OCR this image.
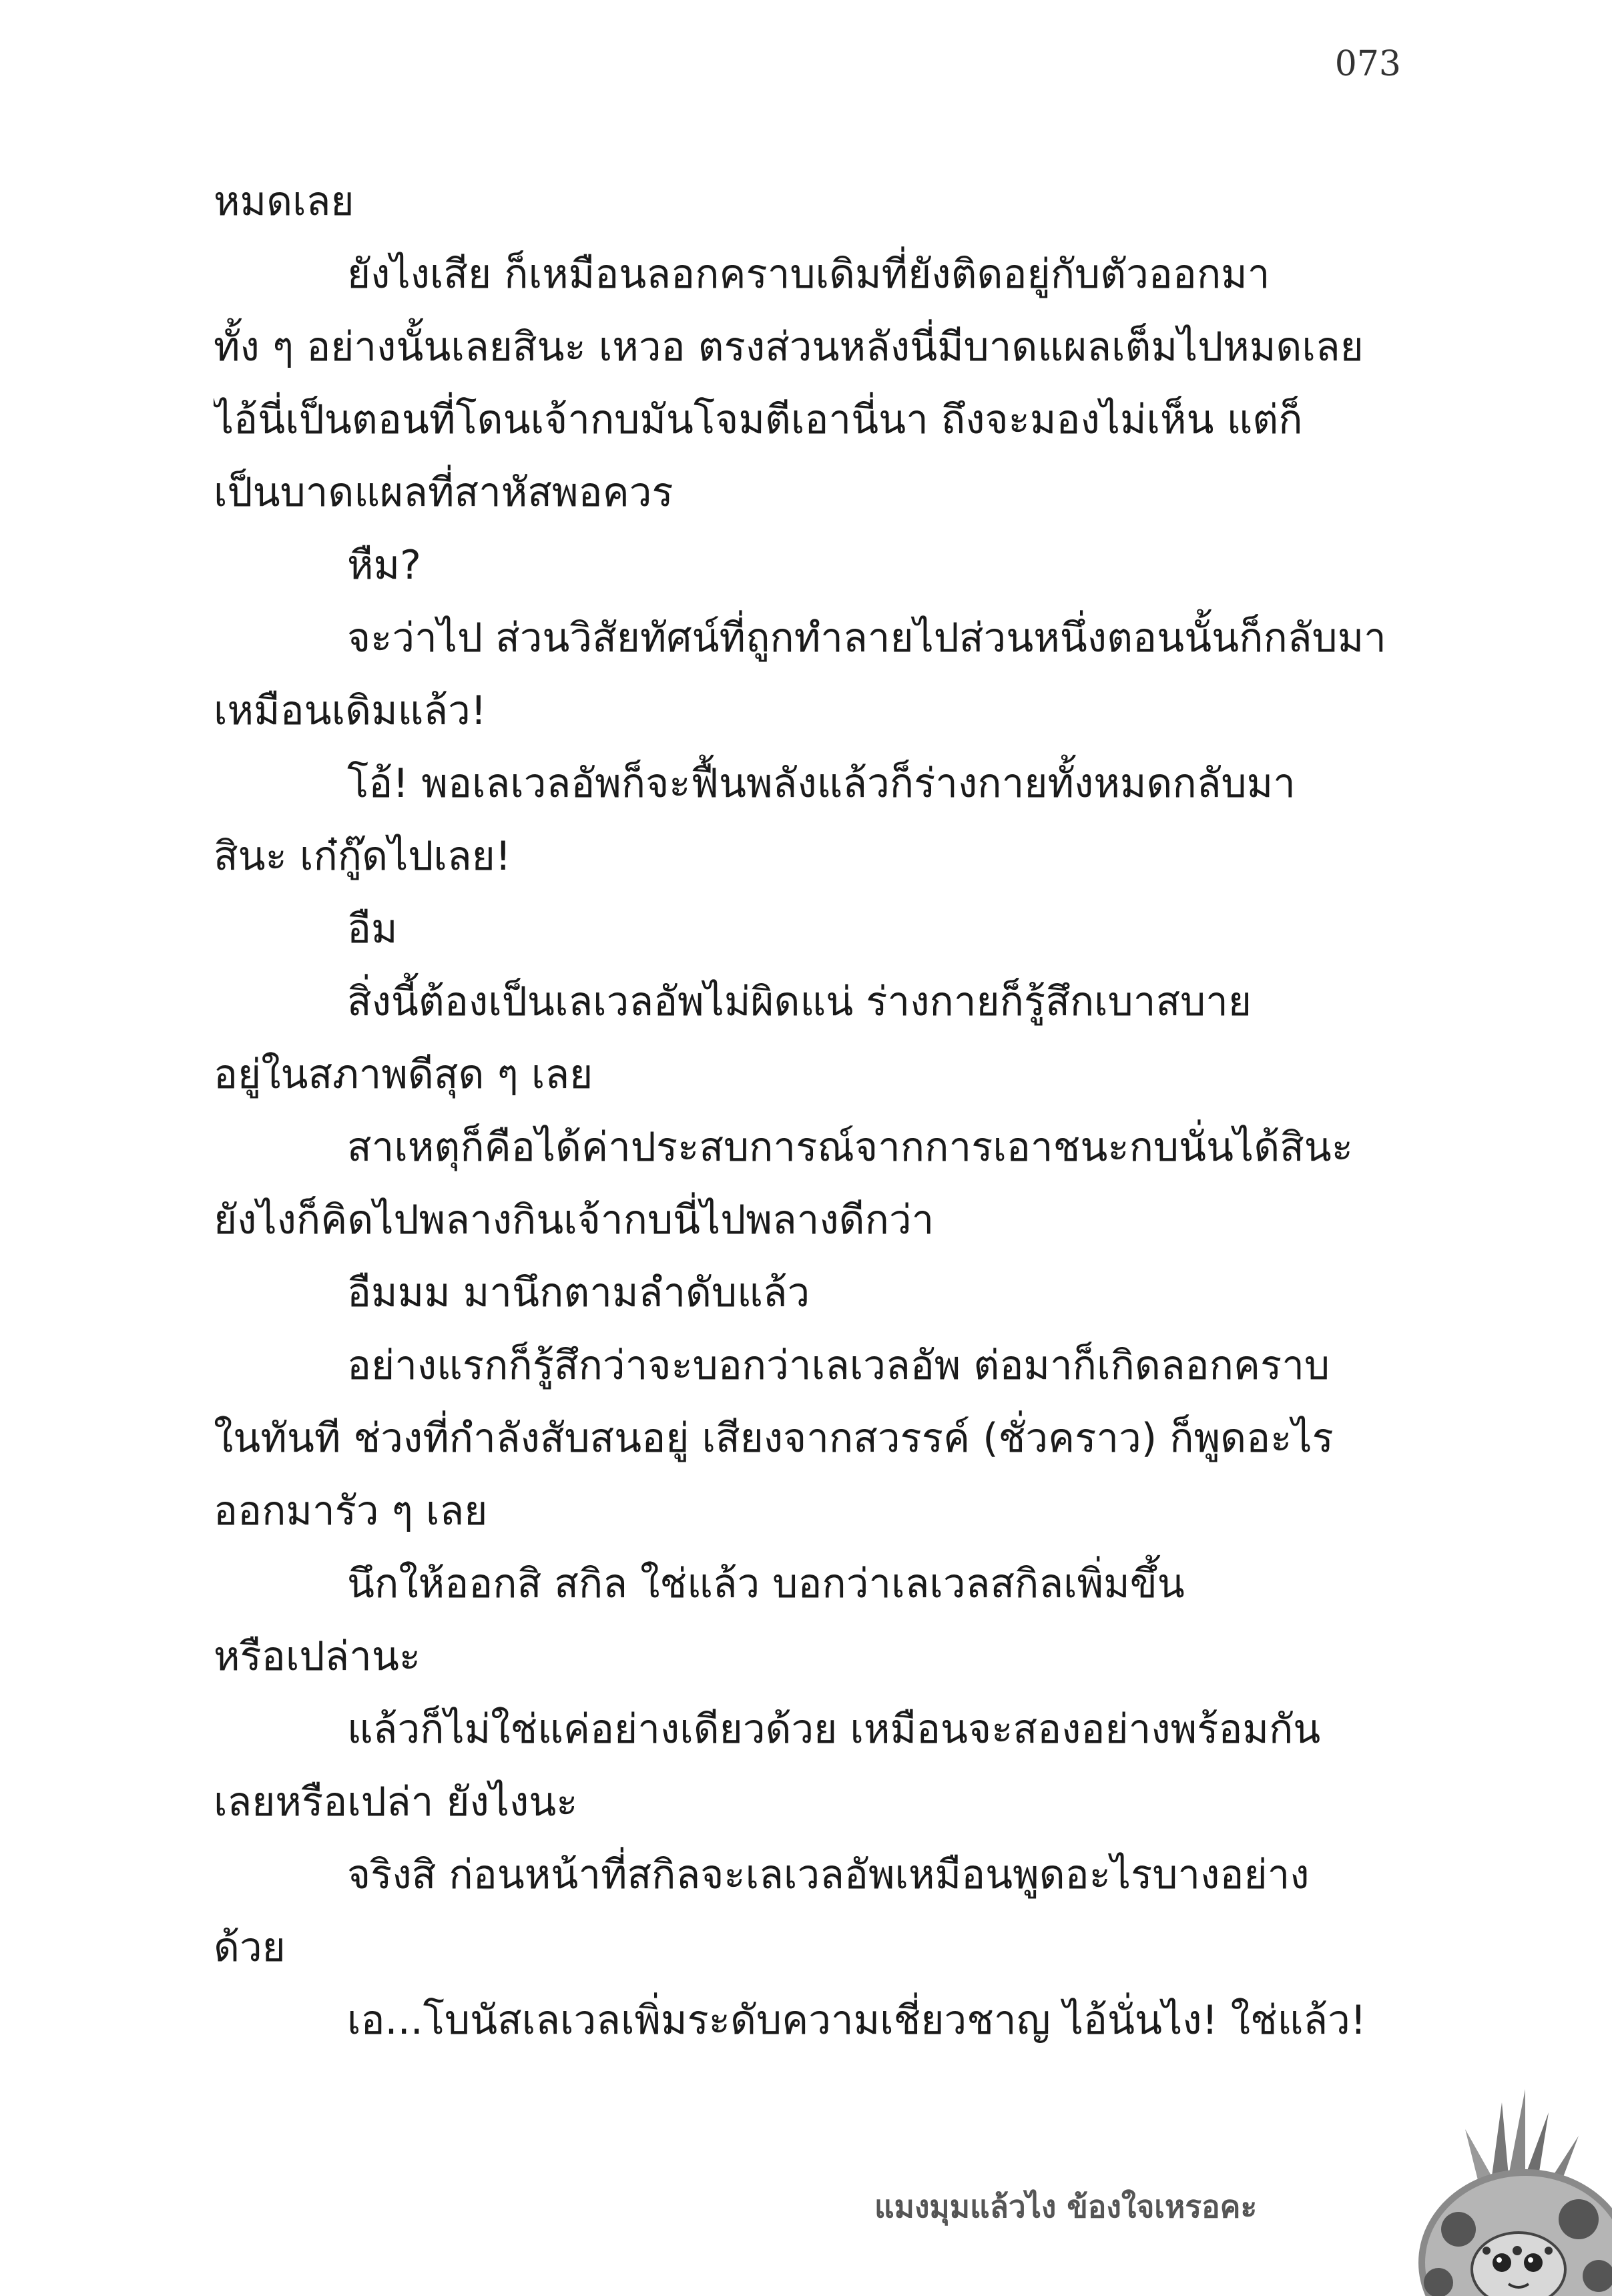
073
หมดเลย
ยังไงเสีย ก็เหมือนลอกคราบเดิมที่ยังติดอยู่กับตัวออกมา
ทั้ง ๆ อย่างนั้นเลยสินะ เหวอ ตรงส่วนหลังนี่มีบาดแผลเต็มไปหมดเลย
ไอ้นี่เป็นตอนที่โดนเจ้ากบมันโจมตีเอานี่นา ถึงจะมองไม่เห็น แต่ก็
เป็นบาดแผลที่สาหัสพอควร
หืม?
จะว่าไป ส่วนวิสัยทัศน์ที่ถูกทำลายไปส่วนหนึ่งตอนนั้นก็กลับมา
เหมือนเดิมแล้ว!
โอ้! พอเลเวลอัพก็จะฟื้นพลังแล้วก็ร่างกายทั้งหมดกลับมา
สินะ เก๋กู๊ดไปเลย!
อืม
สิ่งนี้ต้องเป็นเลเวลอัพไม่ผิดแน่ ร่างกายก็รู้สึกเบาสบาย
อยู่ในสภาพดีสุด ๆ เลย
สาเหตุก็คือได้ค่าประสบการณ์จากการเอาชนะกบนั่นได้สินะ
ยังไงก็คิดไปพลางกินเจ้ากบนี่ไปพลางดีกว่า
อืมมม มานึกตามลำดับแล้ว
อย่างแรกก็รู้สึกว่าจะบอกว่าเลเวลอัพ ต่อมาก็เกิดลอกคราบ
ในทันที ช่วงที่กำลังสับสนอยู่ เสียงจากสวรรค์ (ชั่วคราว) ก็พูดอะไร
ออกมารัว ๆ เลย
นึกให้ออกสิ สกิล ใช่แล้ว บอกว่าเลเวลสกิลเพิ่มขึ้น
หรือเปล่านะ
แล้วก็ไม่ใช่แค่อย่างเดียวด้วย เหมือนจะสองอย่างพร้อมกัน
เลยหรือเปล่า ยังไงนะ
จริงสิ ก่อนหน้าที่สกิลจะเลเวลอัพเหมือนพูดอะไรบางอย่าง
ด้วย
เอ...โบนัสเลเวลเพิ่มระดับความเชี่ยวชาญ ไอ้นั่นไง! ใช่แล้ว!
แมงมุมแล้วไง ข้องใจเหรอคะ
